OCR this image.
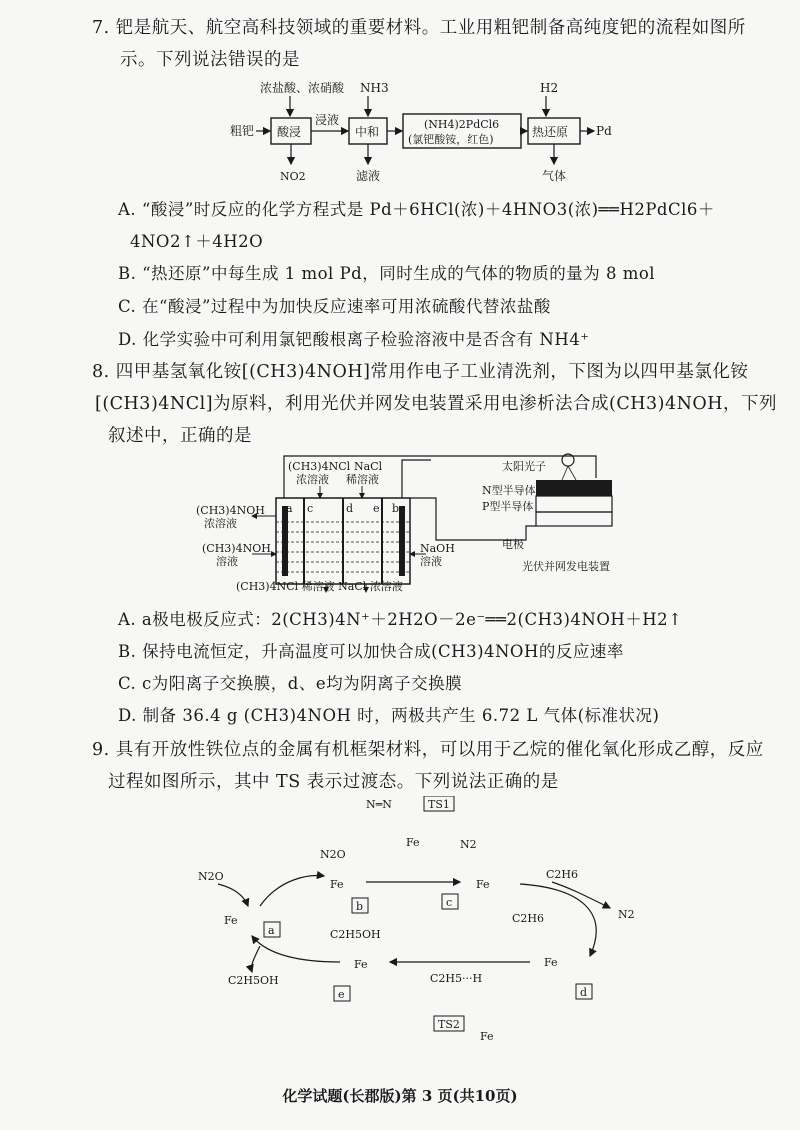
7. 钯是航天、航空高科技领域的重要材料。工业用粗钯制备高纯度钯的流程如图所
示。下列说法错误的是
浓盐酸、浓硝酸 NH3	H2
粗钯 酸浸
浸液
中和
(NH4)2PdCl6
(氯钯酸铵，红色)
热还原 Pd
NO2	滤液	气体
A. “酸浸”时反应的化学方程式是 Pd＋6HCl(浓)＋4HNO3(浓)══H2PdCl6＋
4NO2↑＋4H2O
B. “热还原”中每生成 1 mol Pd，同时生成的气体的物质的量为 8 mol
C. 在“酸浸”过程中为加快反应速率可用浓硫酸代替浓盐酸
D. 化学实验中可利用氯钯酸根离子检验溶液中是否含有 NH4⁺
8. 四甲基氢氧化铵[(CH3)4NOH]常用作电子工业清洗剂，下图为以四甲基氯化铵
[(CH3)4NCl]为原料，利用光伏并网发电装置采用电渗析法合成(CH3)4NOH，下列
叙述中，正确的是
(CH3)4NCl
浓溶液
NaCl
稀溶液
a c	d e b
(CH3)4NOH
浓溶液
(CH3)4NOH
溶液
NaOH
溶液
(CH3)4NCl 稀溶液 NaCl 浓溶液
太阳光子
N型半导体
P型半导体
电极
光伏并网发电装置
A. a极电极反应式：2(CH3)4N⁺＋2H2O－2e⁻══2(CH3)4NOH＋H2↑
B. 保持电流恒定，升高温度可以加快合成(CH3)4NOH的反应速率
C. c为阳离子交换膜，d、e均为阴离子交换膜
D. 制备 36.4 g (CH3)4NOH 时，两极共产生 6.72 L 气体(标准状况)
9. 具有开放性铁位点的金属有机框架材料，可以用于乙烷的催化氧化形成乙醇，反应
过程如图所示，其中 TS 表示过渡态。下列说法正确的是
N═N	TS1
Fe
N2O
Fe
b
N2
Fe
c
N2O
Fe
a
C2H5OH
C2H6
N2
C2H6
Fe
d
C2H5OH
Fe
e
C2H5···H
TS2
Fe
化学试题(长郡版)第 3 页(共10页)
